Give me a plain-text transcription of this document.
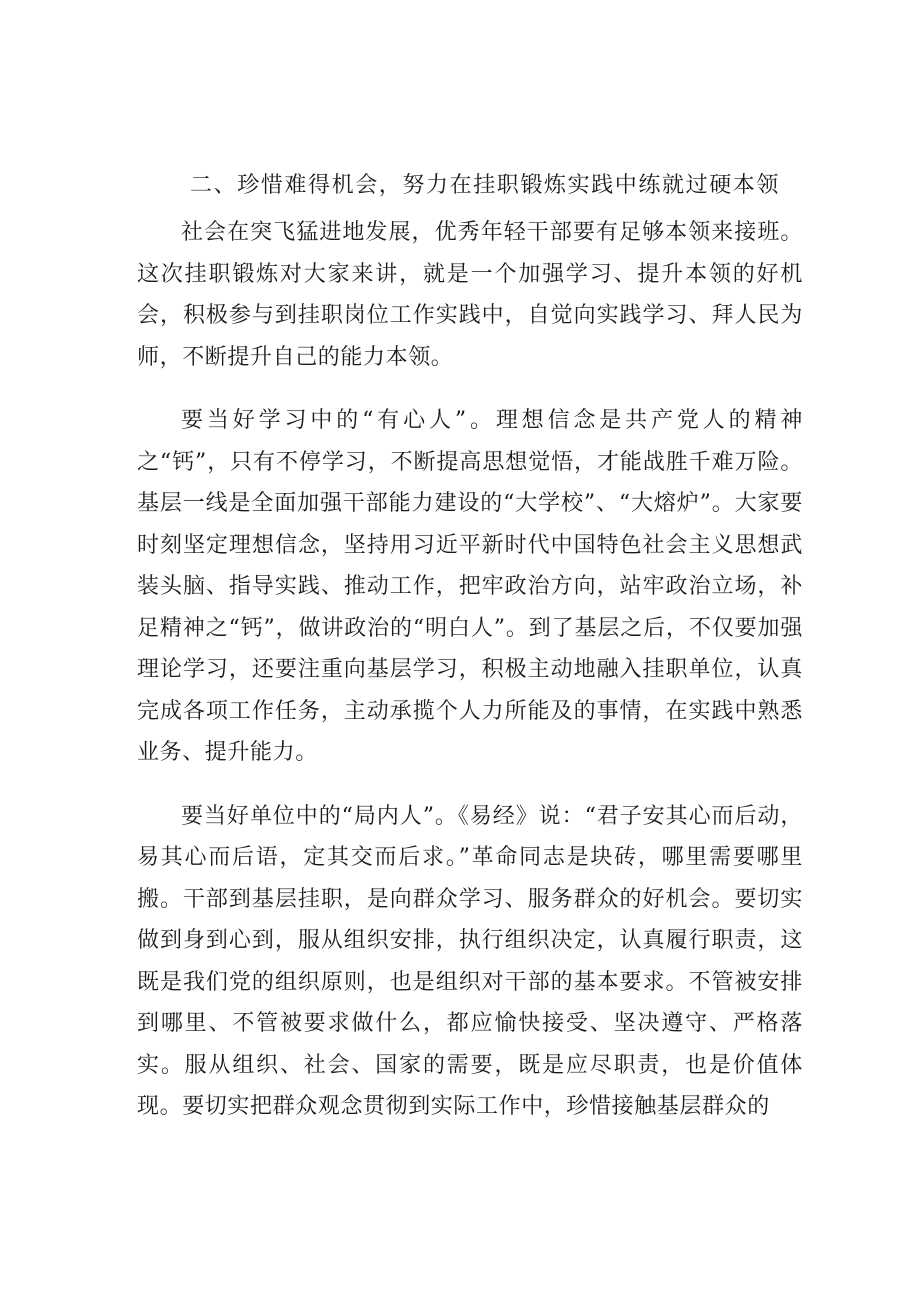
二、珍惜难得机会，努力在挂职锻炼实践中练就过硬本领

社会在突飞猛进地发展，优秀年轻干部要有足够本领来接班。这次挂职锻炼对大家来讲，就是一个加强学习、提升本领的好机会，积极参与到挂职岗位工作实践中，自觉向实践学习、拜人民为师，不断提升自己的能力本领。

要当好学习中的“有心人”。理想信念是共产党人的精神之“钙”，只有不停学习，不断提高思想觉悟，才能战胜千难万险。基层一线是全面加强干部能力建设的“大学校”、“大熔炉”。大家要时刻坚定理想信念，坚持用习近平新时代中国特色社会主义思想武装头脑、指导实践、推动工作，把牢政治方向，站牢政治立场，补足精神之“钙”，做讲政治的“明白人”。到了基层之后，不仅要加强理论学习，还要注重向基层学习，积极主动地融入挂职单位，认真完成各项工作任务，主动承揽个人力所能及的事情，在实践中熟悉业务、提升能力。

要当好单位中的“局内人”。《易经》说：“君子安其心而后动，易其心而后语，定其交而后求。”革命同志是块砖，哪里需要哪里搬。干部到基层挂职，是向群众学习、服务群众的好机会。要切实做到身到心到，服从组织安排，执行组织决定，认真履行职责，这既是我们党的组织原则，也是组织对干部的基本要求。不管被安排到哪里、不管被要求做什么，都应愉快接受、坚决遵守、严格落实。服从组织、社会、国家的需要，既是应尽职责，也是价值体现。要切实把群众观念贯彻到实际工作中，珍惜接触基层群众的
